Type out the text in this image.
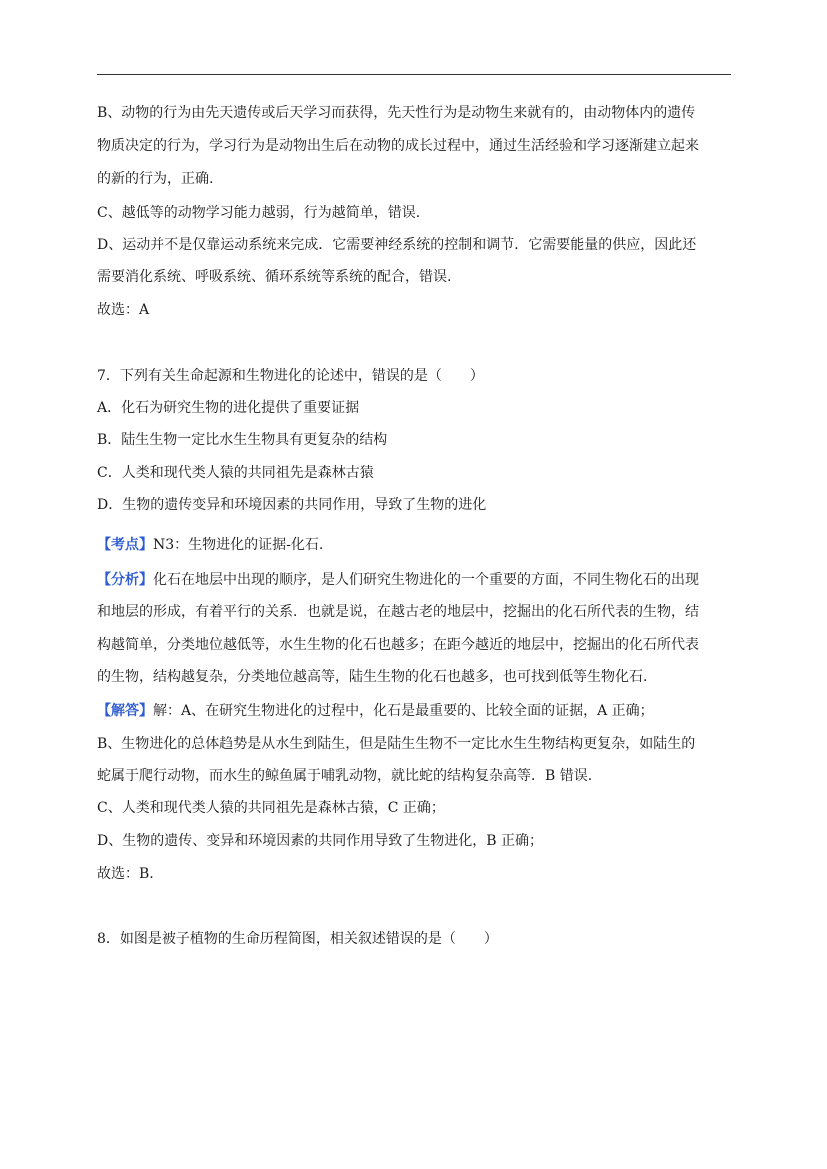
B、动物的行为由先天遗传或后天学习而获得，先天性行为是动物生来就有的，由动物体内的遗传
物质决定的行为，学习行为是动物出生后在动物的成长过程中，通过生活经验和学习逐渐建立起来
的新的行为，正确.
C、越低等的动物学习能力越弱，行为越简单，错误.
D、运动并不是仅靠运动系统来完成．它需要神经系统的控制和调节．它需要能量的供应，因此还
需要消化系统、呼吸系统、循环系统等系统的配合，错误.
故选：A
7．下列有关生命起源和生物进化的论述中，错误的是（　　）
A．化石为研究生物的进化提供了重要证据
B．陆生生物一定比水生生物具有更复杂的结构
C．人类和现代类人猿的共同祖先是森林古猿
D．生物的遗传变异和环境因素的共同作用，导致了生物的进化
【考点】N3：生物进化的证据-化石.
【分析】化石在地层中出现的顺序，是人们研究生物进化的一个重要的方面，不同生物化石的出现
和地层的形成，有着平行的关系．也就是说，在越古老的地层中，挖掘出的化石所代表的生物，结
构越简单，分类地位越低等，水生生物的化石也越多；在距今越近的地层中，挖掘出的化石所代表
的生物，结构越复杂，分类地位越高等，陆生生物的化石也越多，也可找到低等生物化石.
【解答】解：A、在研究生物进化的过程中，化石是最重要的、比较全面的证据，A 正确；
B、生物进化的总体趋势是从水生到陆生，但是陆生生物不一定比水生生物结构更复杂，如陆生的
蛇属于爬行动物，而水生的鲸鱼属于哺乳动物，就比蛇的结构复杂高等．B 错误.
C、人类和现代类人猿的共同祖先是森林古猿，C 正确；
D、生物的遗传、变异和环境因素的共同作用导致了生物进化，B 正确；
故选：B.
8．如图是被子植物的生命历程简图，相关叙述错误的是（　　）
